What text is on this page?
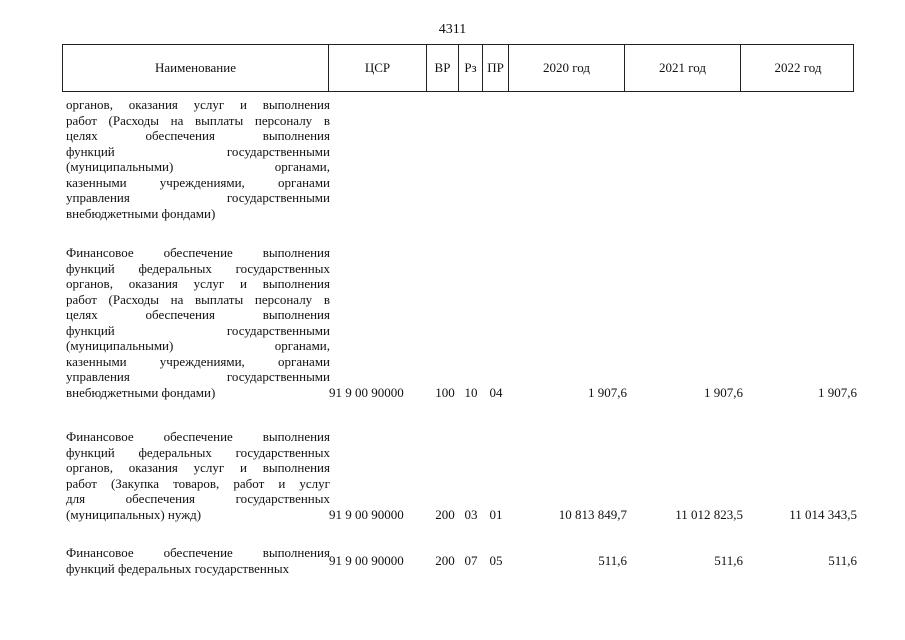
4311
Наименование	ЦСР	ВР	Рз ПР	2020 год	2021 год	2022 год
органов, оказания услуг и выполнения
работ (Расходы на выплаты персоналу в
целях обеспечения выполнения
функций государственными
(муниципальными) органами,
казенными учреждениями, органами
управления государственными
внебюджетными фондами)
Финансовое обеспечение выполнения
функций федеральных государственных
органов, оказания услуг и выполнения
работ (Расходы на выплаты персоналу в
целях обеспечения выполнения
функций государственными
(муниципальными) органами,
казенными учреждениями, органами
управления государственными
внебюджетными фондами)	91 9 00 90000	100 10 04	1 907,6	1 907,6	1 907,6
Финансовое обеспечение выполнения
функций федеральных государственных
органов, оказания услуг и выполнения
работ (Закупка товаров, работ и услуг
для обеспечения государственных
(муниципальных) нужд)	91 9 00 90000	200 03 01	10 813 849,7	11 012 823,5	11 014 343,5
Финансовое обеспечение выполнения
функций федеральных государственных	91 9 00 90000	200 07 05	511,6	511,6	511,6
